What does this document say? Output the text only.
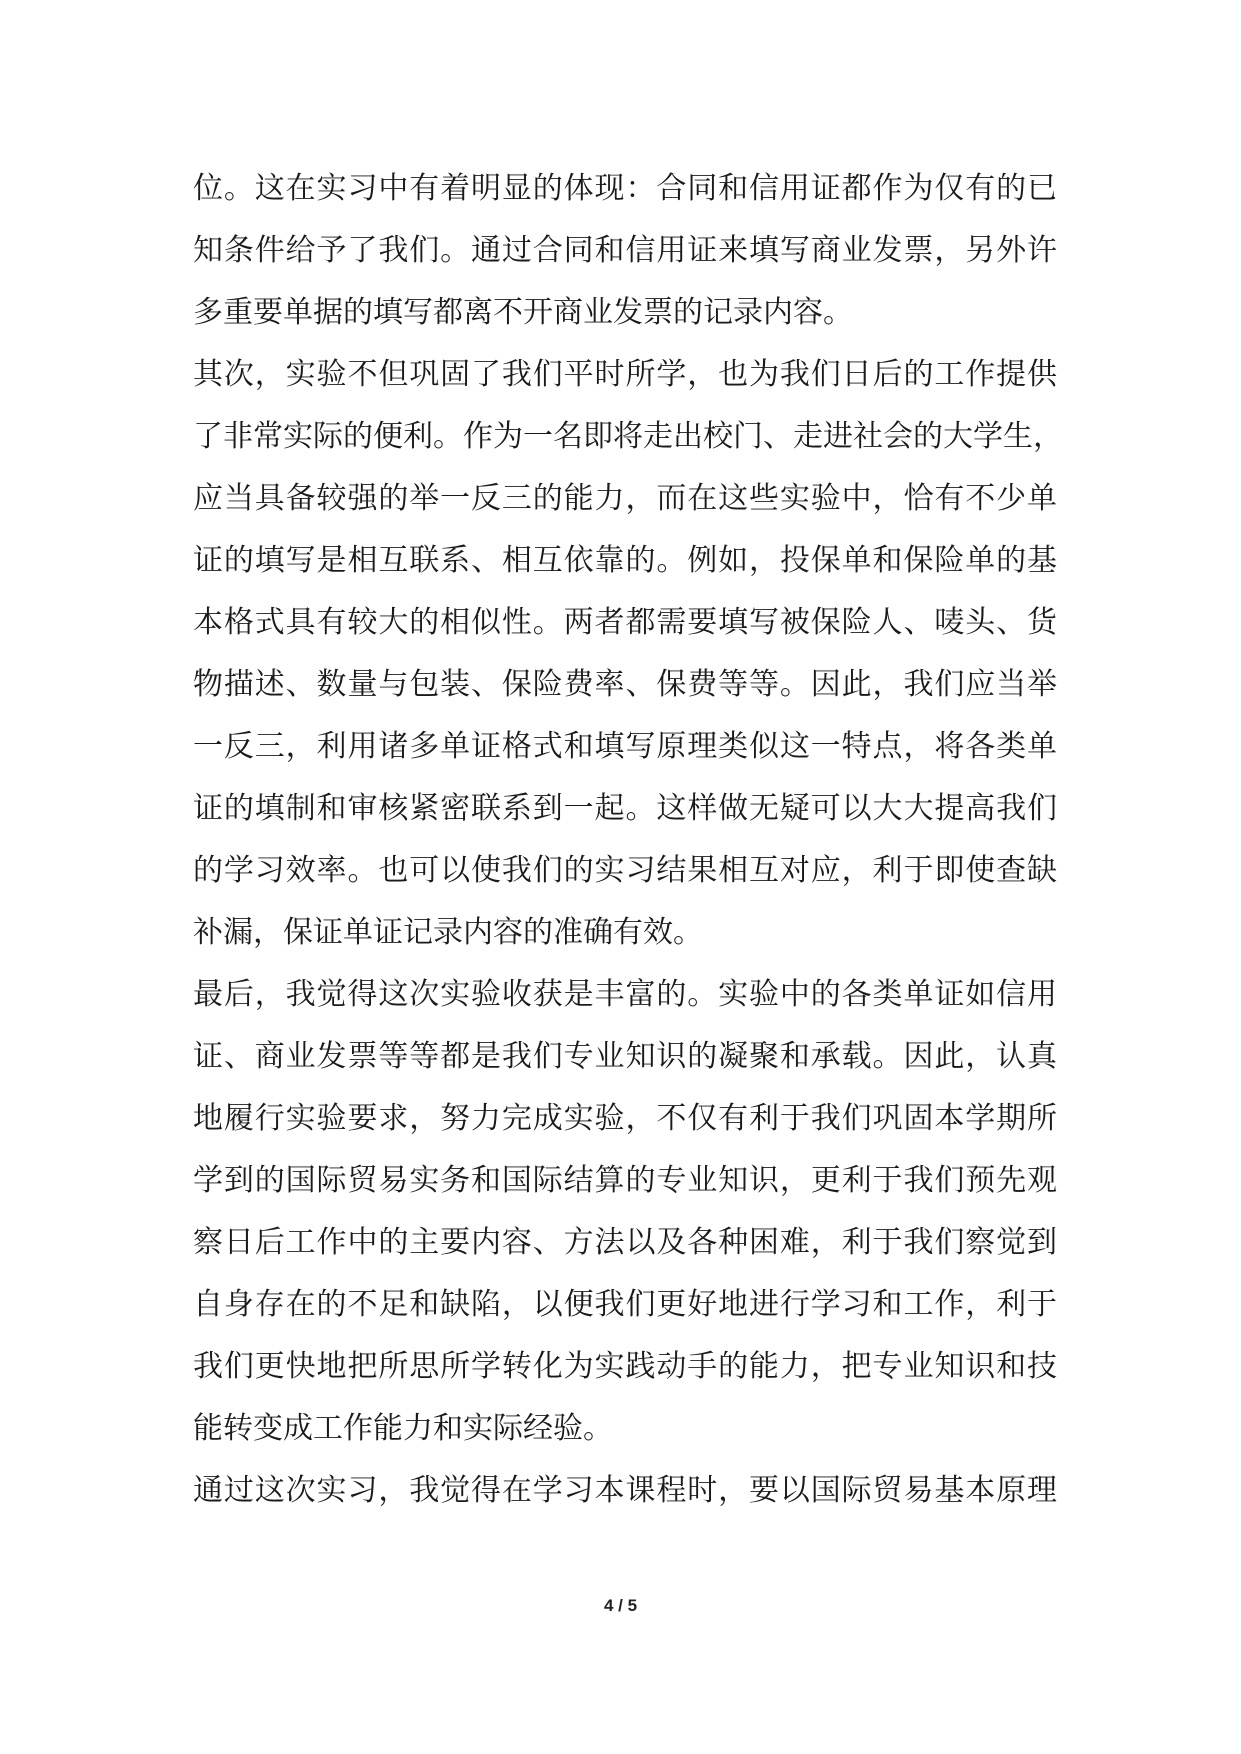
位。这在实习中有着明显的体现：合同和信用证都作为仅有的已
知条件给予了我们。通过合同和信用证来填写商业发票，另外许
多重要单据的填写都离不开商业发票的记录内容。
其次，实验不但巩固了我们平时所学，也为我们日后的工作提供
了非常实际的便利。作为一名即将走出校门、走进社会的大学生，
应当具备较强的举一反三的能力，而在这些实验中，恰有不少单
证的填写是相互联系、相互依靠的。例如，投保单和保险单的基
本格式具有较大的相似性。两者都需要填写被保险人、唛头、货
物描述、数量与包装、保险费率、保费等等。因此，我们应当举
一反三，利用诸多单证格式和填写原理类似这一特点，将各类单
证的填制和审核紧密联系到一起。这样做无疑可以大大提高我们
的学习效率。也可以使我们的实习结果相互对应，利于即使查缺
补漏，保证单证记录内容的准确有效。
最后，我觉得这次实验收获是丰富的。实验中的各类单证如信用
证、商业发票等等都是我们专业知识的凝聚和承载。因此，认真
地履行实验要求，努力完成实验，不仅有利于我们巩固本学期所
学到的国际贸易实务和国际结算的专业知识，更利于我们预先观
察日后工作中的主要内容、方法以及各种困难，利于我们察觉到
自身存在的不足和缺陷，以便我们更好地进行学习和工作，利于
我们更快地把所思所学转化为实践动手的能力，把专业知识和技
能转变成工作能力和实际经验。
通过这次实习，我觉得在学习本课程时，要以国际贸易基本原理
4 / 5
